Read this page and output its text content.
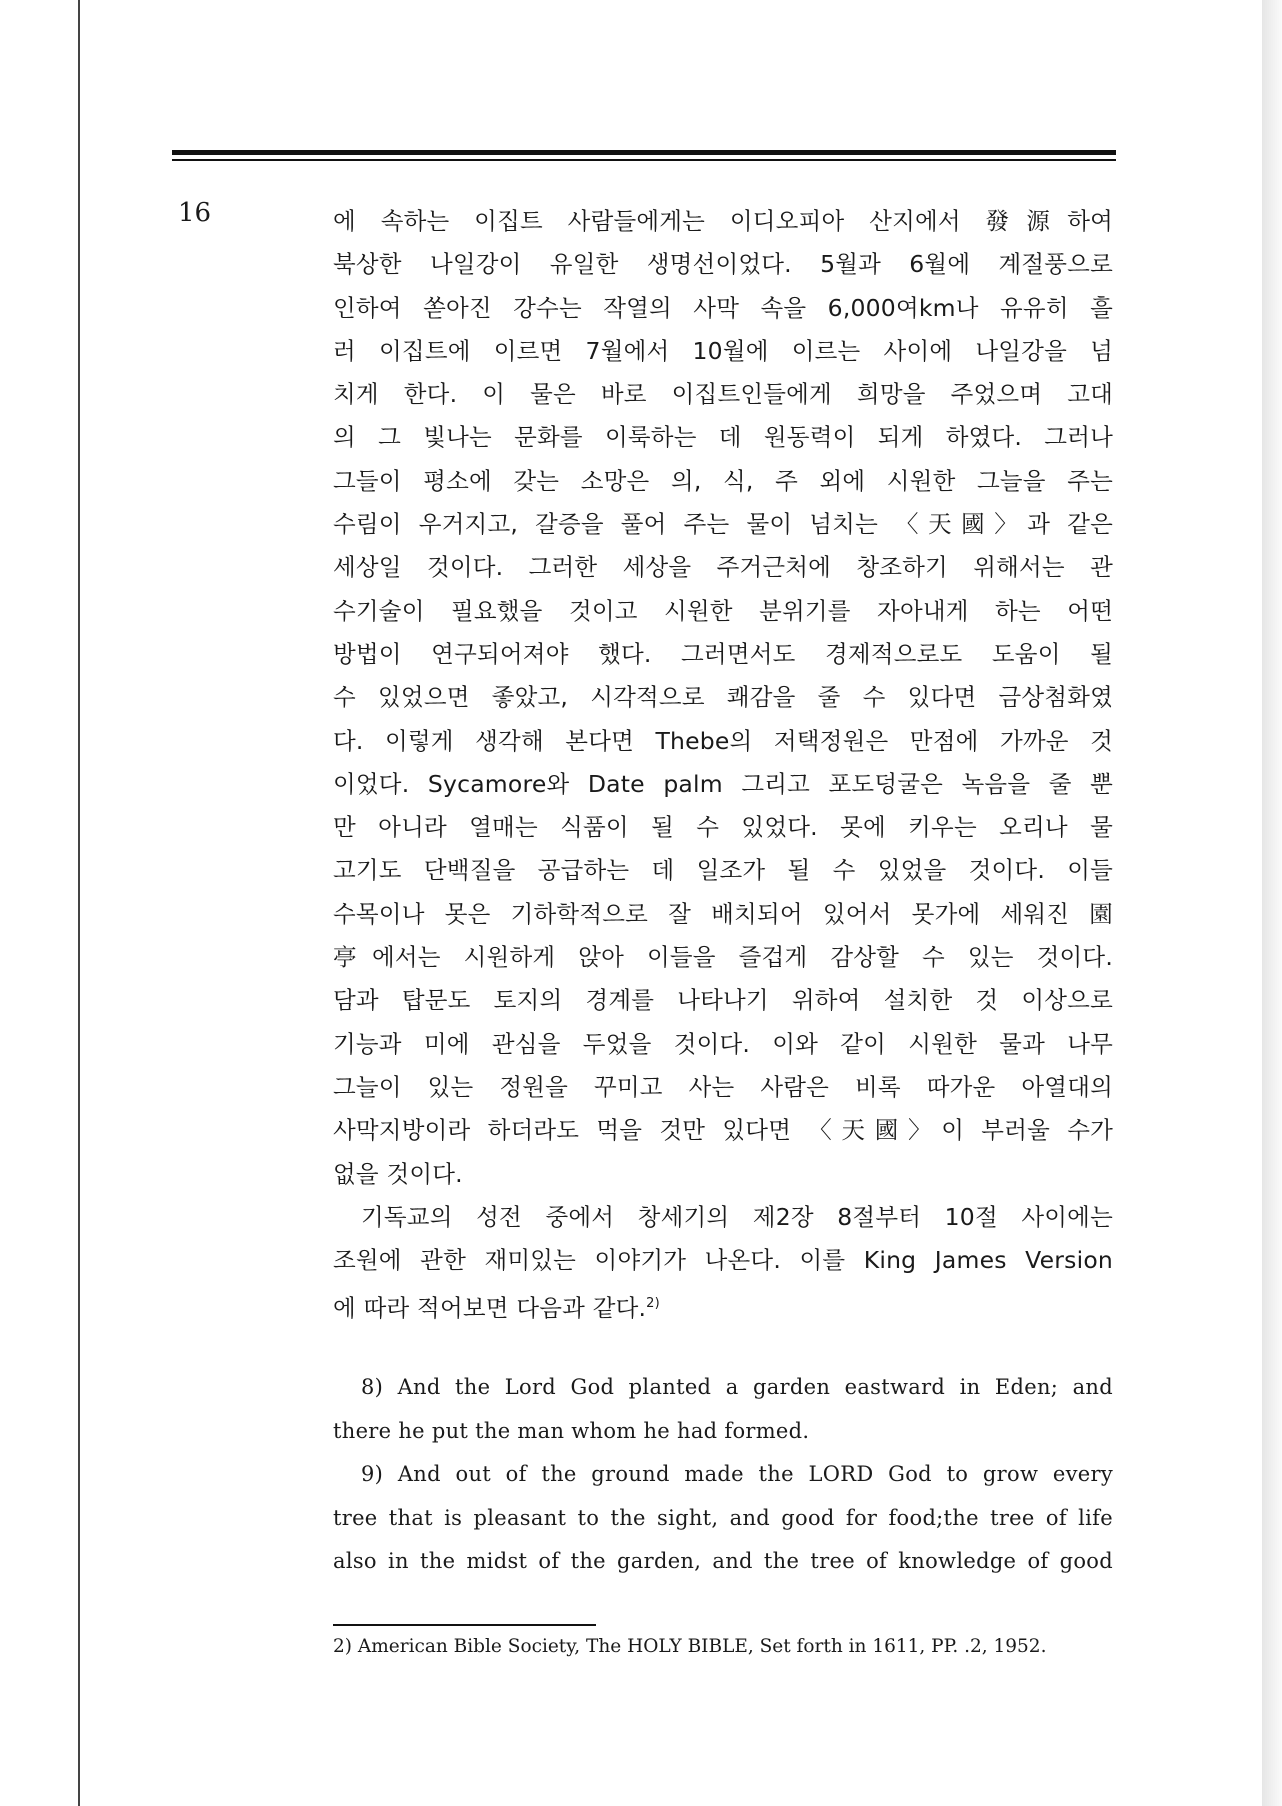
16	에 속하는 이집트 사람들에게는 이디오피아 산지에서 發源하여
북상한 나일강이 유일한 생명선이었다. 5월과 6월에 계절풍으로
인하여 쏟아진 강수는 작열의 사막 속을 6,000여km나 유유히 흘
러 이집트에 이르면 7월에서 10월에 이르는 사이에 나일강을 넘
치게 한다. 이 물은 바로 이집트인들에게 희망을 주었으며 고대
의 그 빛나는 문화를 이룩하는 데 원동력이 되게 하였다. 그러나
그들이 평소에 갖는 소망은 의, 식, 주 외에 시원한 그늘을 주는
수림이 우거지고, 갈증을 풀어 주는 물이 넘치는 〈天國〉과 같은
세상일 것이다. 그러한 세상을 주거근처에 창조하기 위해서는 관
수기술이 필요했을 것이고 시원한 분위기를 자아내게 하는 어떤
방법이 연구되어져야 했다. 그러면서도 경제적으로도 도움이 될
수 있었으면 좋았고, 시각적으로 쾌감을 줄 수 있다면 금상첨화였
다. 이렇게 생각해 본다면 Thebe의 저택정원은 만점에 가까운 것
이었다. Sycamore와 Date palm 그리고 포도덩굴은 녹음을 줄 뿐
만 아니라 열매는 식품이 될 수 있었다. 못에 키우는 오리나 물
고기도 단백질을 공급하는 데 일조가 될 수 있었을 것이다. 이들
수목이나 못은 기하학적으로 잘 배치되어 있어서 못가에 세워진 園
亭에서는 시원하게 앉아 이들을 즐겁게 감상할 수 있는 것이다.
담과 탑문도 토지의 경계를 나타나기 위하여 설치한 것 이상으로
기능과 미에 관심을 두었을 것이다. 이와 같이 시원한 물과 나무
그늘이 있는 정원을 꾸미고 사는 사람은 비록 따가운 아열대의
사막지방이라 하더라도 먹을 것만 있다면 〈天國〉이 부러울 수가
없을 것이다.
기독교의 성전 중에서 창세기의 제2장 8절부터 10절 사이에는
조원에 관한 재미있는 이야기가 나온다. 이를 King James Version
에 따라 적어보면 다음과 같다.$^{2)}$
8) And the Lord God planted a garden eastward in Eden; and
there he put the man whom he had formed.
9) And out of the ground made the LORD God to grow every
tree that is pleasant to the sight, and good for food;the tree of life
also in the midst of the garden, and the tree of knowledge of good
2) American Bible Society, The HOLY BIBLE, Set forth in 1611, PP. .2, 1952.
